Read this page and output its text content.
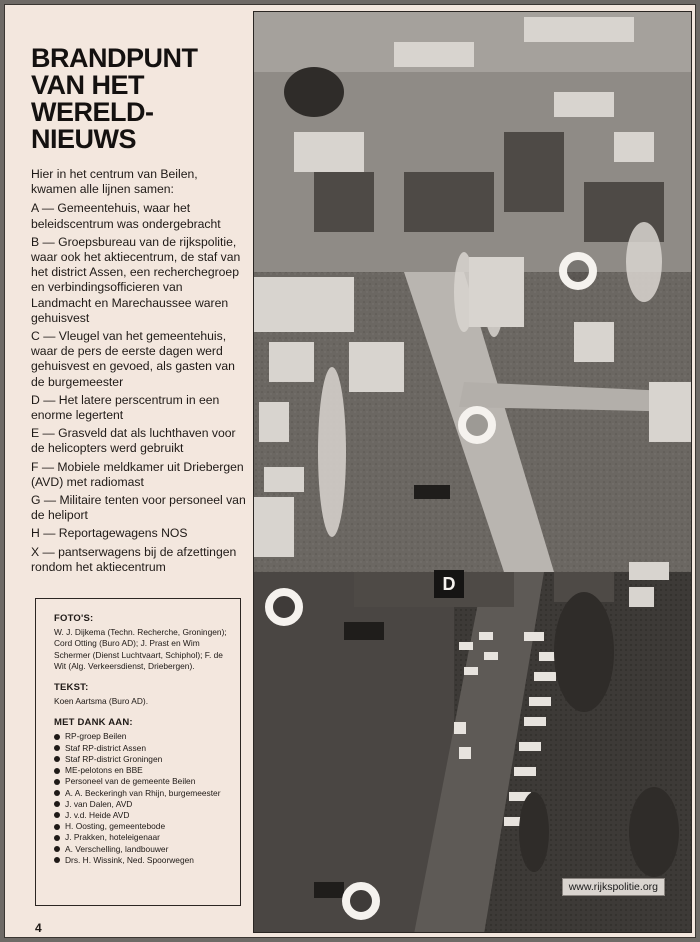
BRANDPUNT
VAN HET
WERELD-
NIEUWS

Hier in het centrum van Beilen, kwamen alle lijnen samen:

A — Gemeentehuis, waar het beleidscentrum was ondergebracht
B — Groepsbureau van de rijkspolitie, waar ook het aktiecentrum, de staf van het district Assen, een recherchegroep en verbindingsofficieren van Landmacht en Marechaussee waren gehuisvest
C — Vleugel van het gemeentehuis, waar de pers de eerste dagen werd gehuisvest en gevoed, als gasten van de burgemeester
D — Het latere perscentrum in een enorme legertent
E — Grasveld dat als luchthaven voor de helicopters werd gebruikt
F — Mobiele meldkamer uit Driebergen (AVD) met radiomast
G — Militaire tenten voor personeel van de heliport
H — Reportagewagens NOS
X — pantserwagens bij de afzettingen rondom het aktiecentrum
FOTO'S:

W. J. Dijkema (Techn. Recherche, Groningen); Cord Otting (Buro AD); J. Prast en Wim Schermer (Dienst Luchtvaart, Schiphol); F. de Wit (Alg. Verkeersdienst, Driebergen).

TEKST:

Koen Aartsma (Buro AD).

MET DANK AAN:
RP-groep Beilen
Staf RP-district Assen
Staf RP-district Groningen
ME-pelotons en BBE
Personeel van de gemeente Beilen
A. A. Beckeringh van Rhijn, burgemeester
J. van Dalen, AVD
J. v.d. Heide AVD
H. Oosting, gemeentebode
J. Prakken, hoteleigenaar
A. Verschelling, landbouwer
Drs. H. Wissink, Ned. Spoorwegen
4
D
www.rijkspolitie.org
